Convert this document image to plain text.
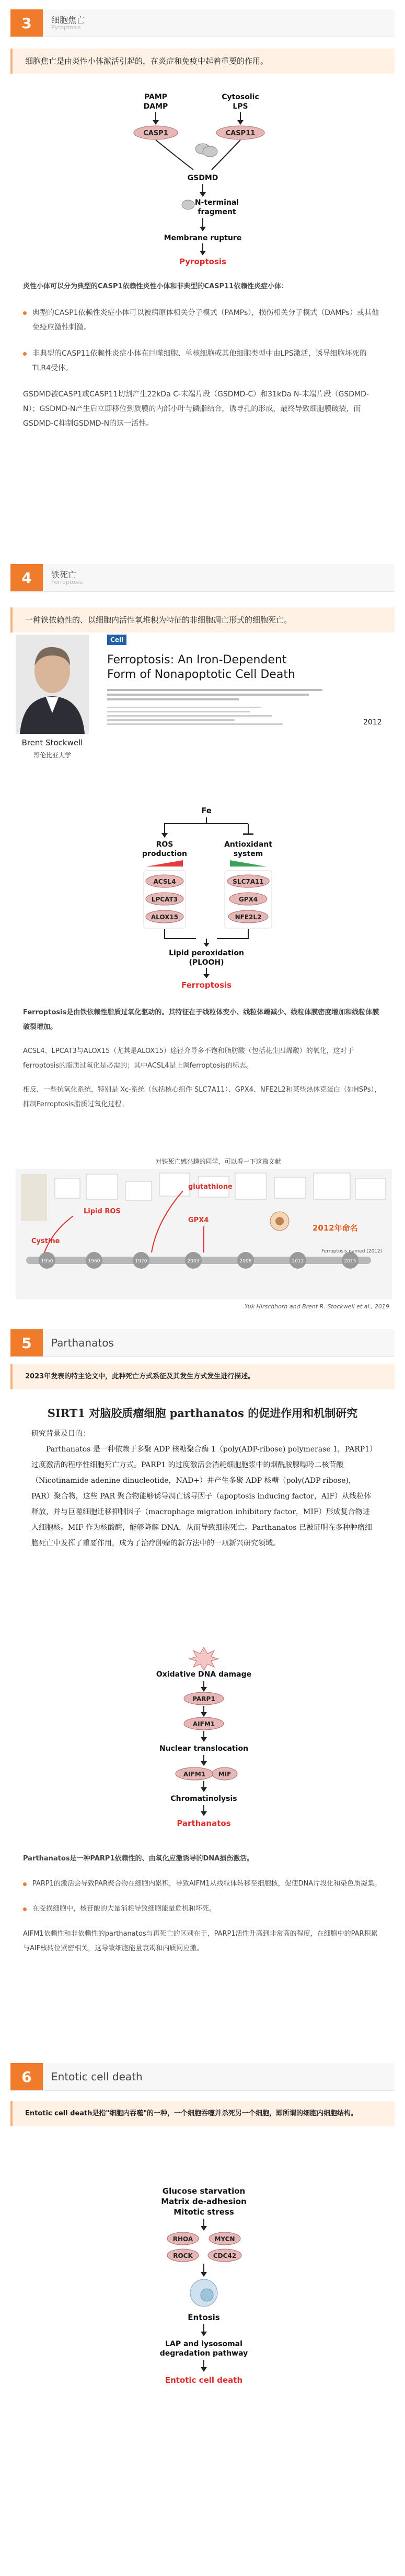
3	细胞焦亡
Pyroptosis
细胞焦亡是由炎性小体激活引起的，在炎症和免疫中起着重要的作用。
PAMP
DAMP
Cytosolic
LPS
CASP1	CASP11
GSDMD
N-terminal
fragment
Membrane rupture
Pyroptosis
炎性小体可以分为典型的CASP1依赖性炎性小体和非典型的CASP11依赖性炎症小体：
典型的CASP1依赖性炎症小体可以被病原体相关分子模式（PAMPs），损伤相关分子模式（DAMPs）或其他免疫应激性刺激。
非典型的CASP11依赖性炎症小体在巨噬细胞、单核细胞或其他细胞类型中由LPS激活，诱导细胞坏死的TLR4受体。
GSDMD被CASP1或CASP11切割产生22kDa C-末端片段（GSDMD-C）和31kDa N-末端片段（GSDMD-N）；GSDMD-N产生后立即移位到质膜的内部小叶与磷脂结合，诱导孔的形成，最终导致细胞膜破裂，而GSDMD-C抑制GSDMD-N的这一活性。
4	铁死亡
Ferroptosis
一种铁依赖性的、以细胞内活性氧堆积为特征的非细胞凋亡形式的细胞死亡。
Brent Stockwell
哥伦比亚大学
Cell
Ferroptosis: An Iron-Dependent
Form of Nonapoptotic Cell Death
2012
Fe
ROS
production
Antioxidant
system
ACSL4
LPCAT3
ALOX15
SLC7A11
GPX4
NFE2L2
Lipid peroxidation
(PLOOH)
Ferroptosis
Ferroptosis是由铁依赖性脂质过氧化驱动的。其特征在于线粒体变小、线粒体嵴减少、线粒体膜密度增加和线粒体膜破裂增加。
ACSL4、LPCAT3与ALOX15（尤其是ALOX15）途径介导多不饱和脂肪酸（包括花生四烯酸）的氧化，这对于ferroptosis的脂质过氧化是必需的；其中ACSL4是上调ferroptosis的标志。
相反，一些抗氧化系统，特别是 Xc-系统（包括核心组件 SLC7A11）、GPX4、NFE2L2和某些热休克蛋白（如HSPs），抑制Ferroptosis脂质过氧化过程。
对铁死亡感兴趣的同学，可以看一下这篇文献
1950	1960	1970	2003	2008	2012	2015
Lipid ROS
glutathione
GPX4
Cystine
Ferroptosis named (2012)
2012年命名
Yuk Hirschhorn and Brent R. Stockwell et al., 2019
5	Parthanatos
2023年发表的特主论文中，此种死亡方式系征及其发生方式发生进行描述。
SIRT1 对脑胶质瘤细胞 parthanatos 的促进作用和机制研究
研究背景及目的：
Parthanatos 是一种依赖于多聚 ADP 核糖聚合酶 1（poly(ADP-ribose) polymerase 1，PARP1）过度激活的程序性细胞死亡方式。PARP1 的过度激活会消耗细胞胞浆中的烟酰胺腺嘌呤二核苷酸（Nicotinamide adenine dinucleotide，NAD+）并产生多聚 ADP 核糖（poly(ADP-ribose)，PAR）聚合物，这些 PAR 聚合物能够诱导凋亡诱导因子（apoptosis inducing factor，AIF）从线粒体释放，并与巨噬细胞迁移抑制因子（macrophage migration inhibitory factor，MIF）形成复合物进入细胞核。MIF 作为核酸酶，能够降解 DNA，从而导致细胞死亡。Parthanatos 已被证明在多种肿瘤细胞死亡中发挥了重要作用，成为了治疗肿瘤的新方法中的一项新兴研究领域。
Oxidative DNA damage
PARP1
AIFM1
Nuclear translocation
AIFM1 MIF
Chromatinolysis
Parthanatos
Parthanatos是一种PARP1依赖性的、由氧化应激诱导的DNA损伤激活。
PARP1的激活会导致PAR聚合物在细胞内累积，导致AIFM1从线粒体转移至细胞核，促使DNA片段化和染色质凝集。
在受损细胞中，核苷酸的大量消耗导致细胞能量危机和坏死。
AIFM1依赖性和非依赖性的parthanatos与再死亡的区别在于，PARP1活性升高到非常高的程度，在细胞中的PAR积累与AIF核转位紧密相关，这导致细胞能量衰竭和内质网应激。
6	Entotic cell death
Entotic cell death是指"细胞内吞噬"的一种，一个细胞吞噬并杀死另一个细胞，即所谓的细胞内细胞结构。
Glucose starvation
Matrix de-adhesion
Mitotic stress
RHOA	MYCN
ROCK	CDC42
Entosis
LAP and lysosomal
degradation pathway
Entotic cell death
